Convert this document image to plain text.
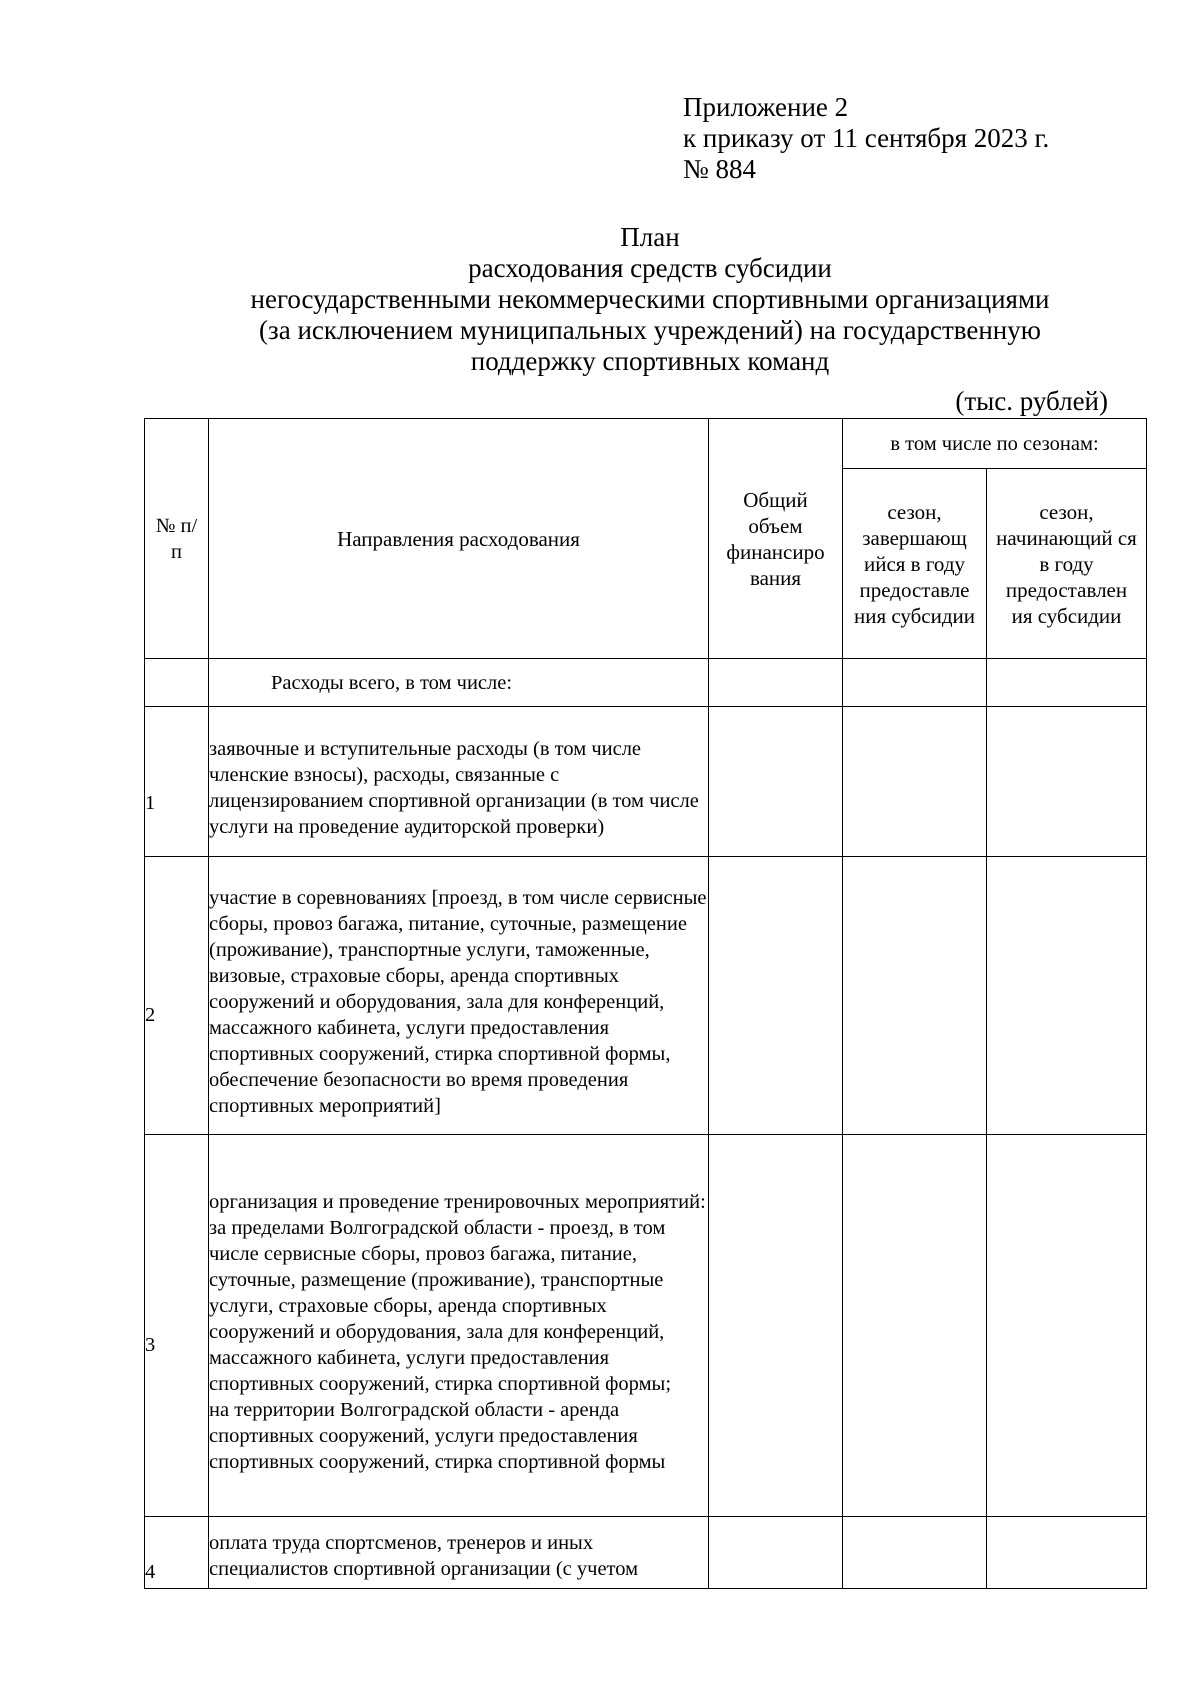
Приложение 2
к приказу от 11 сентября 2023 г.
№ 884
План
расходования средств субсидии
негосударственными некоммерческими спортивными организациями
(за исключением муниципальных учреждений) на государственную
поддержку спортивных команд
(тыс. рублей)
№ п/п	Направления расходования	Общий объем финансиро вания	в том числе по сезонам:	
			сезон, завершающ ийся в году предоставле ния субсидии	сезон, начинающий ся в году предоставлен ия субсидии
	Расходы всего, в том числе:			

1	заявочные и вступительные расходы (в том числе членские взносы), расходы, связанные с лицензированием спортивной организации (в том числе услуги на проведение аудиторской проверки)			

2	участие в соревнованиях [проезд, в том числе сервисные сборы, провоз багажа, питание, суточные, размещение (проживание), транспортные услуги, таможенные, визовые, страховые сборы, аренда спортивных сооружений и оборудования, зала для конференций, массажного кабинета, услуги предоставления спортивных сооружений, стирка спортивной формы, обеспечение безопасности во время проведения спортивных мероприятий]			

3	организация и проведение тренировочных мероприятий:
за пределами Волгоградской области - проезд, в том числе сервисные сборы, провоз багажа, питание, суточные, размещение (проживание), транспортные услуги, страховые сборы, аренда спортивных сооружений и оборудования, зала для конференций, массажного кабинета, услуги предоставления спортивных сооружений, стирка спортивной формы;
на территории Волгоградской области - аренда спортивных сооружений, услуги предоставления спортивных сооружений, стирка спортивной формы			

4	оплата труда спортсменов, тренеров и иных специалистов спортивной организации (с учетом			
